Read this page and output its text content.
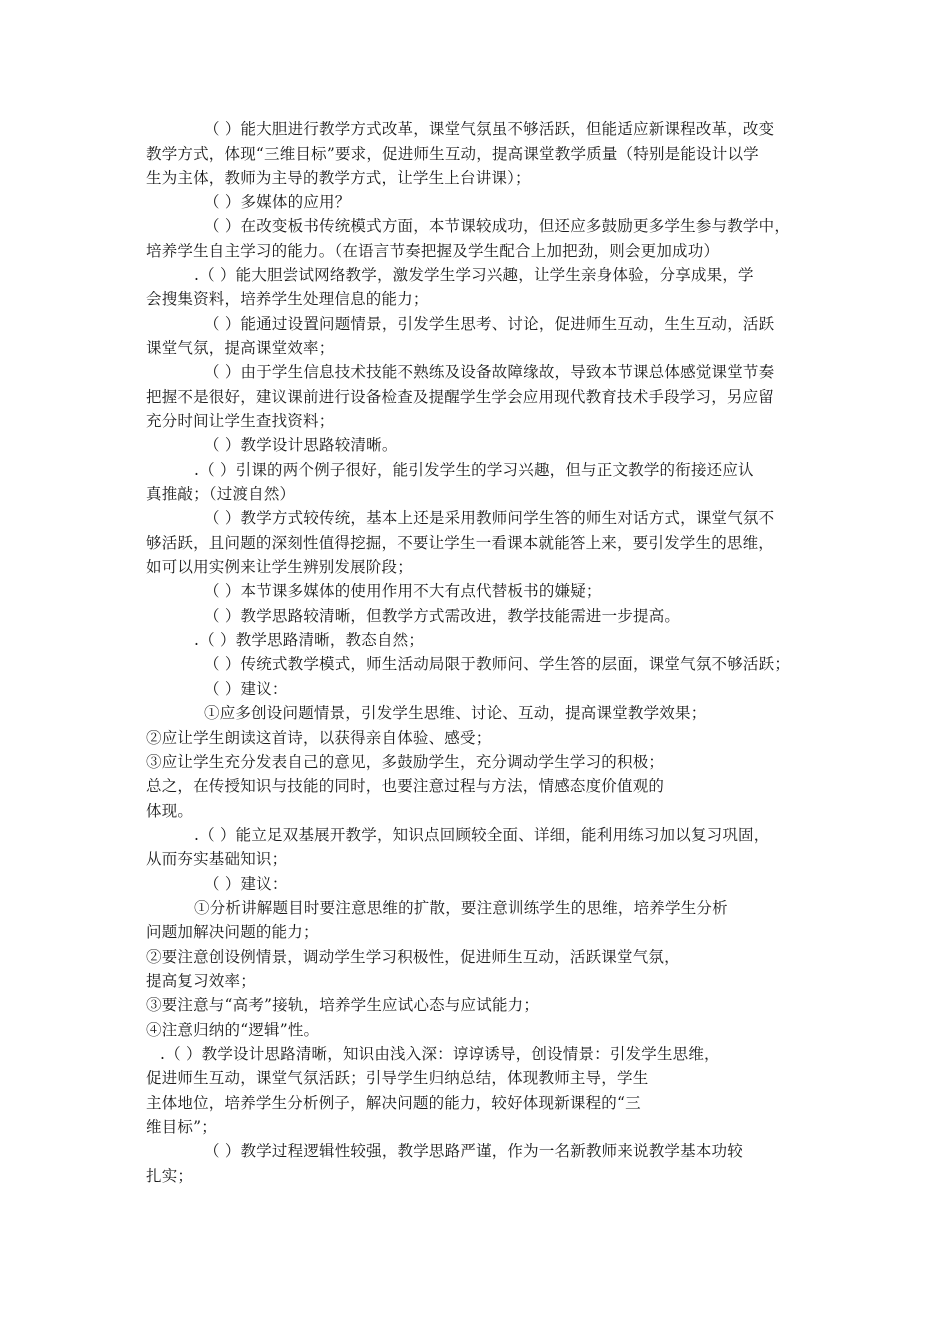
（ ）能大胆进行教学方式改革，课堂气氛虽不够活跃，但能适应新课程改革，改变
教学方式，体现“三维目标”要求，促进师生互动，提高课堂教学质量（特别是能设计以学
生为主体，教师为主导的教学方式，让学生上台讲课）；
（ ）多媒体的应用？
（ ）在改变板书传统模式方面，本节课较成功，但还应多鼓励更多学生参与教学中，
培养学生自主学习的能力。（在语言节奏把握及学生配合上加把劲，则会更加成功）
.（ ）能大胆尝试网络教学，激发学生学习兴趣，让学生亲身体验，分享成果，学
会搜集资料，培养学生处理信息的能力；
（ ）能通过设置问题情景，引发学生思考、讨论，促进师生互动，生生互动，活跃
课堂气氛，提高课堂效率；
（ ）由于学生信息技术技能不熟练及设备故障缘故，导致本节课总体感觉课堂节奏
把握不是很好，建议课前进行设备检查及提醒学生学会应用现代教育技术手段学习，另应留
充分时间让学生查找资料；
（ ）教学设计思路较清晰。
.（ ）引课的两个例子很好，能引发学生的学习兴趣，但与正文教学的衔接还应认
真推敲；（过渡自然）
（ ）教学方式较传统，基本上还是采用教师问学生答的师生对话方式，课堂气氛不
够活跃，且问题的深刻性值得挖掘，不要让学生一看课本就能答上来，要引发学生的思维，
如可以用实例来让学生辨别发展阶段；
（ ）本节课多媒体的使用作用不大有点代替板书的嫌疑；
（ ）教学思路较清晰，但教学方式需改进，教学技能需进一步提高。
.（ ）教学思路清晰，教态自然；
（ ）传统式教学模式，师生活动局限于教师问、学生答的层面，课堂气氛不够活跃；
（ ）建议：
①应多创设问题情景，引发学生思维、讨论、互动，提高课堂教学效果；
②应让学生朗读这首诗，以获得亲自体验、感受；
③应让学生充分发表自己的意见，多鼓励学生，充分调动学生学习的积极；
总之，在传授知识与技能的同时，也要注意过程与方法，情感态度价值观的
体现。
.（ ）能立足双基展开教学，知识点回顾较全面、详细，能利用练习加以复习巩固，
从而夯实基础知识；
（ ）建议：
①分析讲解题目时要注意思维的扩散，要注意训练学生的思维，培养学生分析
问题加解决问题的能力；
②要注意创设例情景，调动学生学习积极性，促进师生互动，活跃课堂气氛，
提高复习效率；
③要注意与“高考”接轨，培养学生应试心态与应试能力；
④注意归纳的“逻辑”性。
.（ ）教学设计思路清晰，知识由浅入深：谆谆诱导，创设情景：引发学生思维，
促进师生互动，课堂气氛活跃；引导学生归纳总结，体现教师主导，学生
主体地位，培养学生分析例子，解决问题的能力，较好体现新课程的“三
维目标”；
（ ）教学过程逻辑性较强，教学思路严谨，作为一名新教师来说教学基本功较
扎实；
